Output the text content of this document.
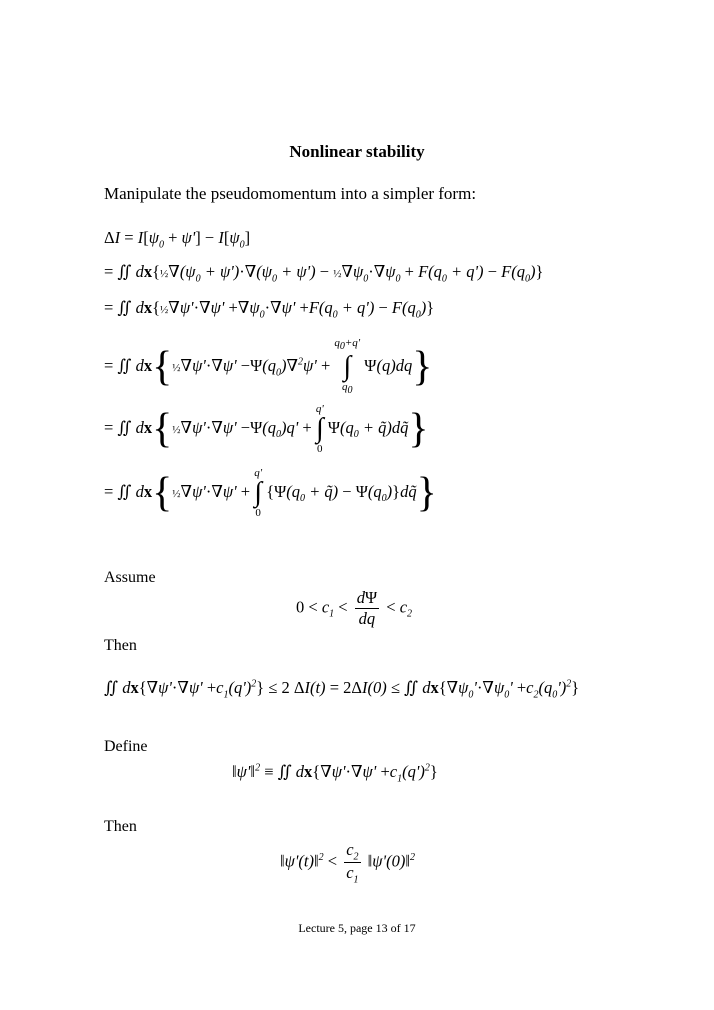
Nonlinear stability
Manipulate the pseudomomentum into a simpler form:
$\Delta I = I[\psi_0 + \psi'] - I[\psi_0]$
= ∬ $dx\{\frac{1}{2}\nabla(\psi_0 + \psi')\cdot\nabla(\psi_0 + \psi')$ − $\frac{1}{2}\nabla\psi_0\cdot\nabla\psi_0 + F(q_0 + q') - F(q_0)$}
= ∬ dx{½∇ψ'·∇ψ' $+\nabla\psi_0\cdot\nabla\psi' +F(q_0 + q') - F(q_0)$}
= ∬ dx{½∇ψ'·∇ψ' $-\Psi(q_0)\nabla^2\psi' + q_0+q'$
∫
$q_0$ Ψ(q)dq}
= ∬ dx{½∇ψ'·∇ψ' $-\Psi(q_0)q' + q'$
∫
0 $\Psi(q_0$ + q̃)dq̃}
= ∬ dx{½∇ψ'·∇ψ' + q'
∫
0 {$\Psi(q_0$ + q̃) − $\Psi(q_0)\}dq̃$}
Assume
$0 < c_1 < \frac{d\Psi}{dq} < c_2$
Then
∬ $dx\{\nabla\psi'\cdot\nabla\psi' +c_1(q')^2\} \le 2$ ΔI(t) = 2ΔI(0) ≤ ∬ $dx\{\nabla\psi_0'\cdot\nabla\psi_0' +c_2(q_0')^2\}$
Define
‖ψ'‖$^2$ ≡ ∬ $dx\{\nabla\psi'\cdot\nabla\psi' +c_1(q')^2\}$
Then
‖ψ'(t)‖$^2$ < $\frac{c_2}{c_1}$ ‖ψ'(0)‖$^2$
Lecture 5, page 13 of 17
